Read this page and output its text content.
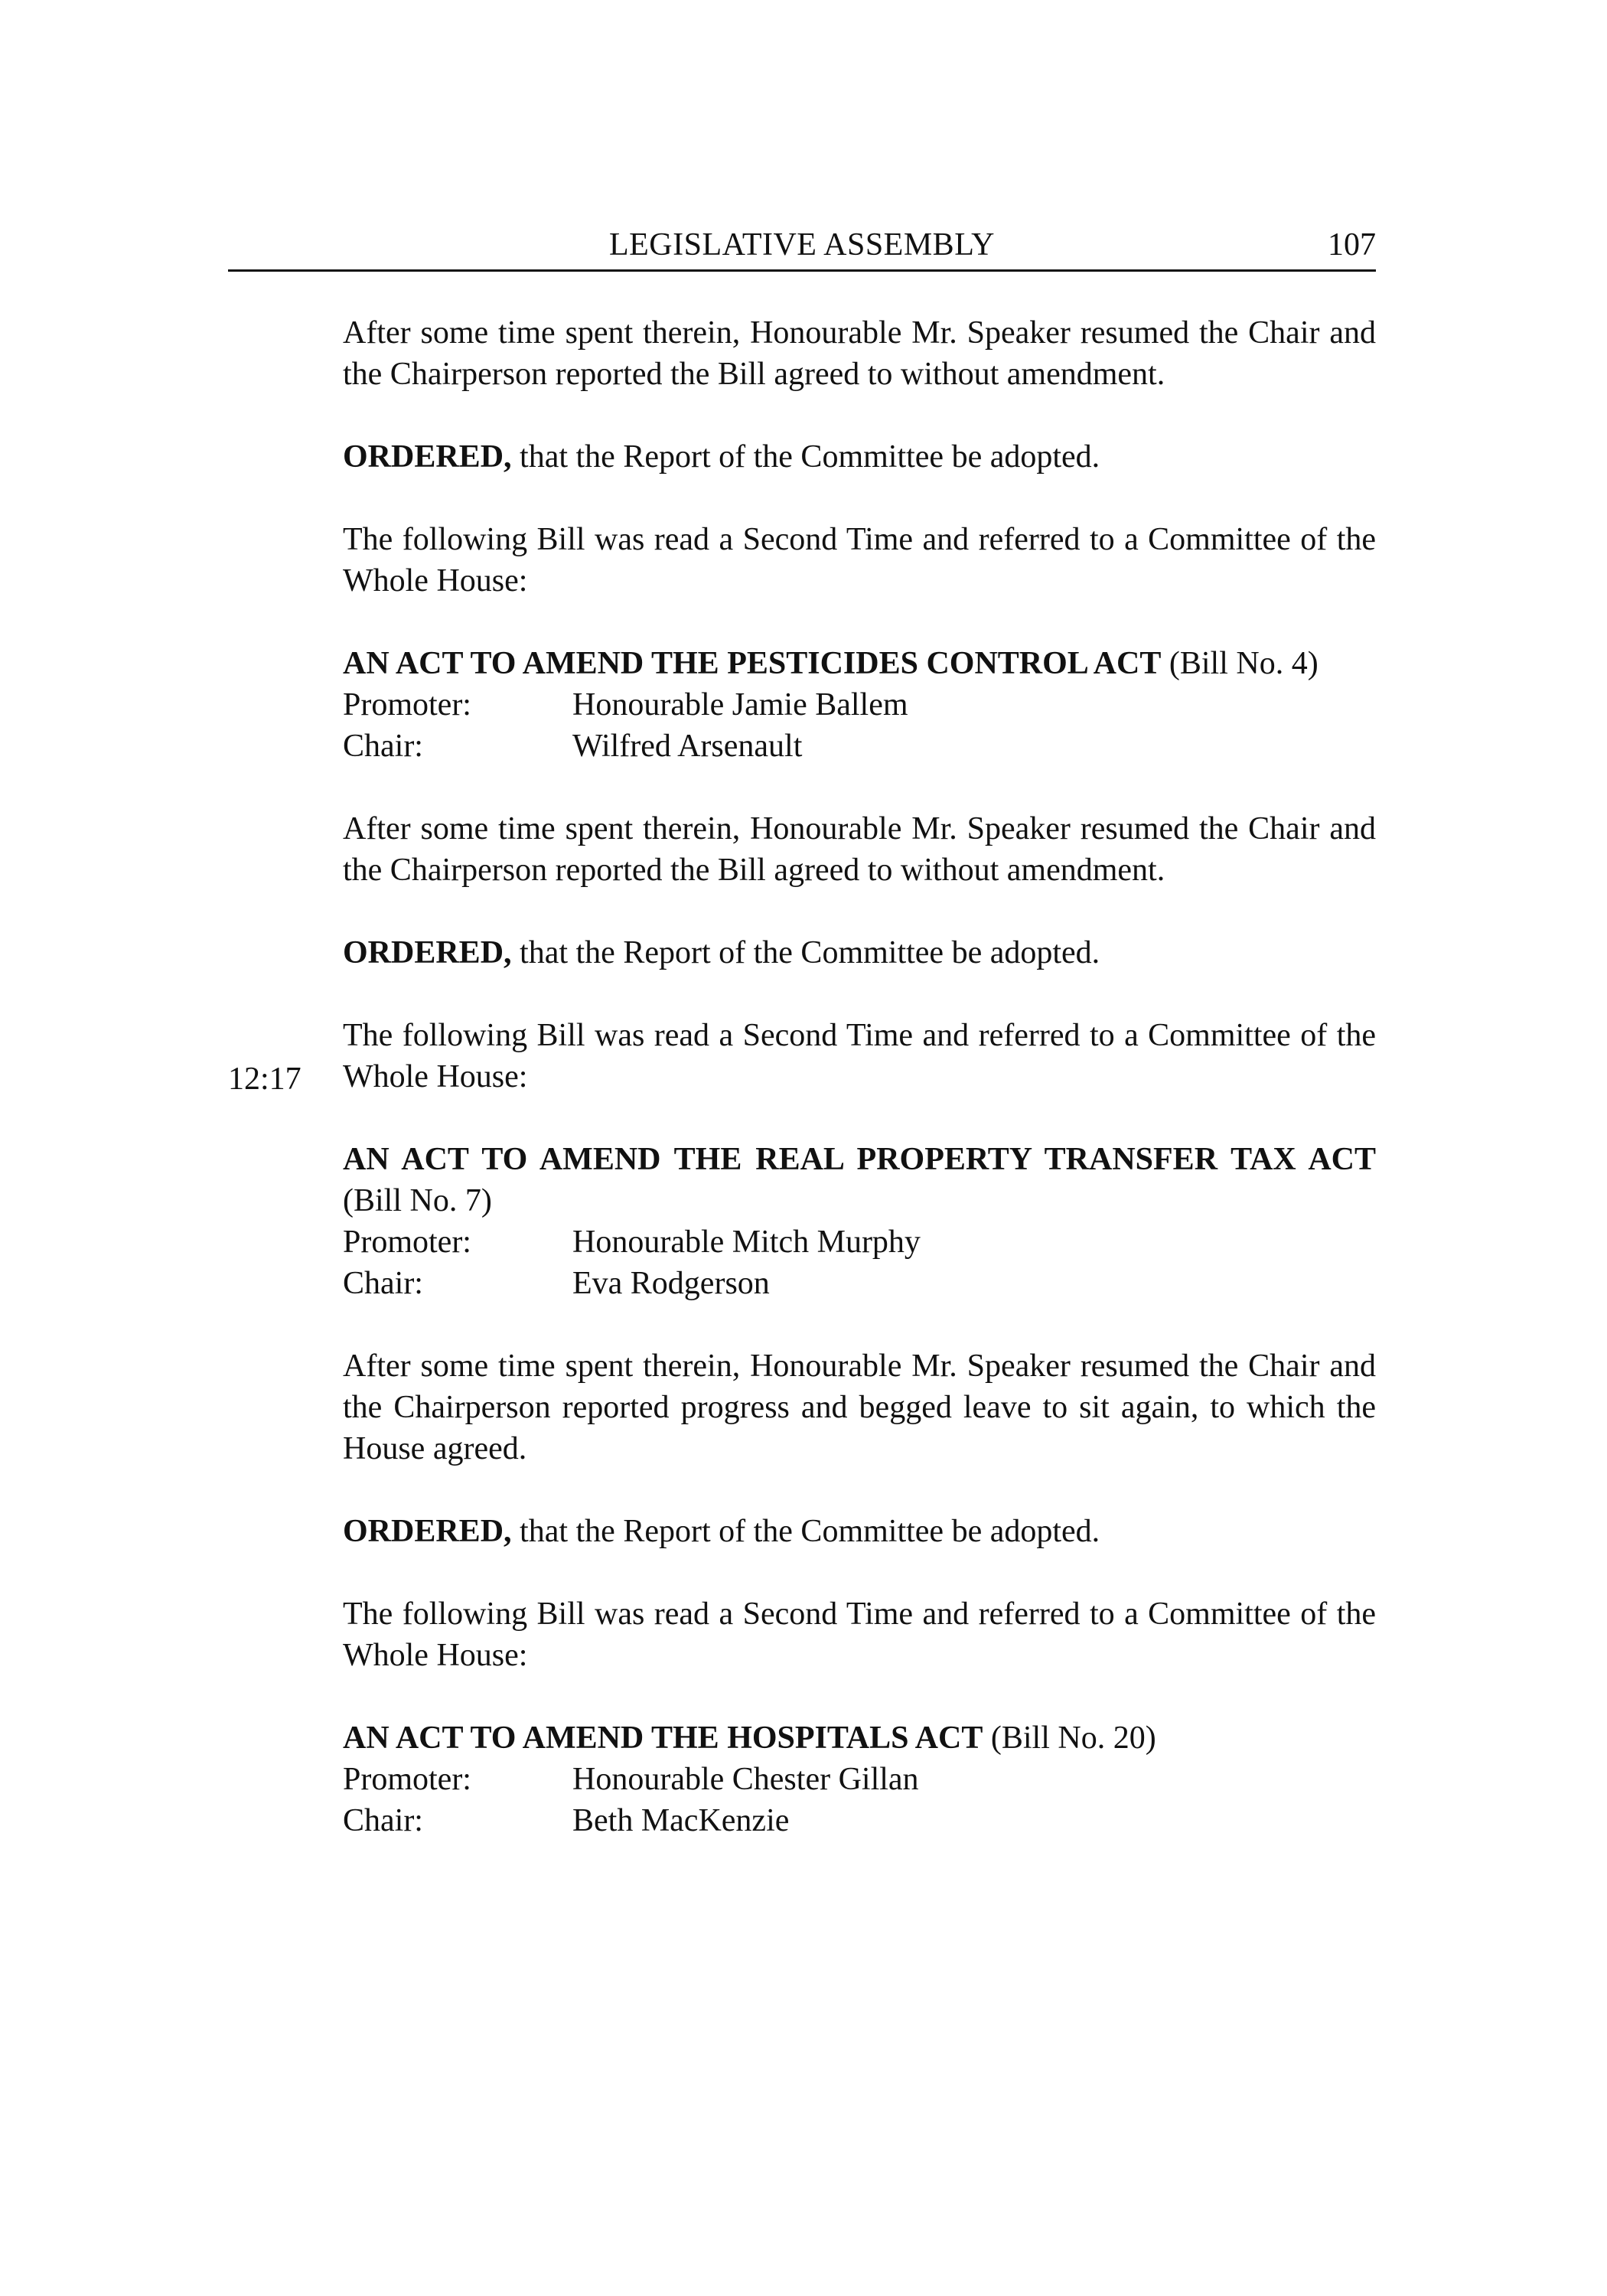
LEGISLATIVE ASSEMBLY	107
12:17

After some time spent therein, Honourable Mr. Speaker resumed the Chair and the Chairperson reported the Bill agreed to without amendment.

ORDERED, that the Report of the Committee be adopted.

The following Bill was read a Second Time and referred to a Committee of the Whole House:

AN ACT TO AMEND THE PESTICIDES CONTROL ACT (Bill No. 4)
Promoter:	Honourable Jamie Ballem
Chair:	Wilfred Arsenault

After some time spent therein, Honourable Mr. Speaker resumed the Chair and the Chairperson reported the Bill agreed to without amendment.

ORDERED, that the Report of the Committee be adopted.

The following Bill was read a Second Time and referred to a Committee of the Whole House:

AN ACT TO AMEND THE REAL PROPERTY TRANSFER TAX ACT (Bill No. 7)
Promoter:	Honourable Mitch Murphy
Chair:	Eva Rodgerson

After some time spent therein, Honourable Mr. Speaker resumed the Chair and the Chairperson reported progress and begged leave to sit again, to which the House agreed.

ORDERED, that the Report of the Committee be adopted.

The following Bill was read a Second Time and referred to a Committee of the Whole House:

AN ACT TO AMEND THE HOSPITALS ACT (Bill No. 20)
Promoter:	Honourable Chester Gillan
Chair:	Beth MacKenzie
